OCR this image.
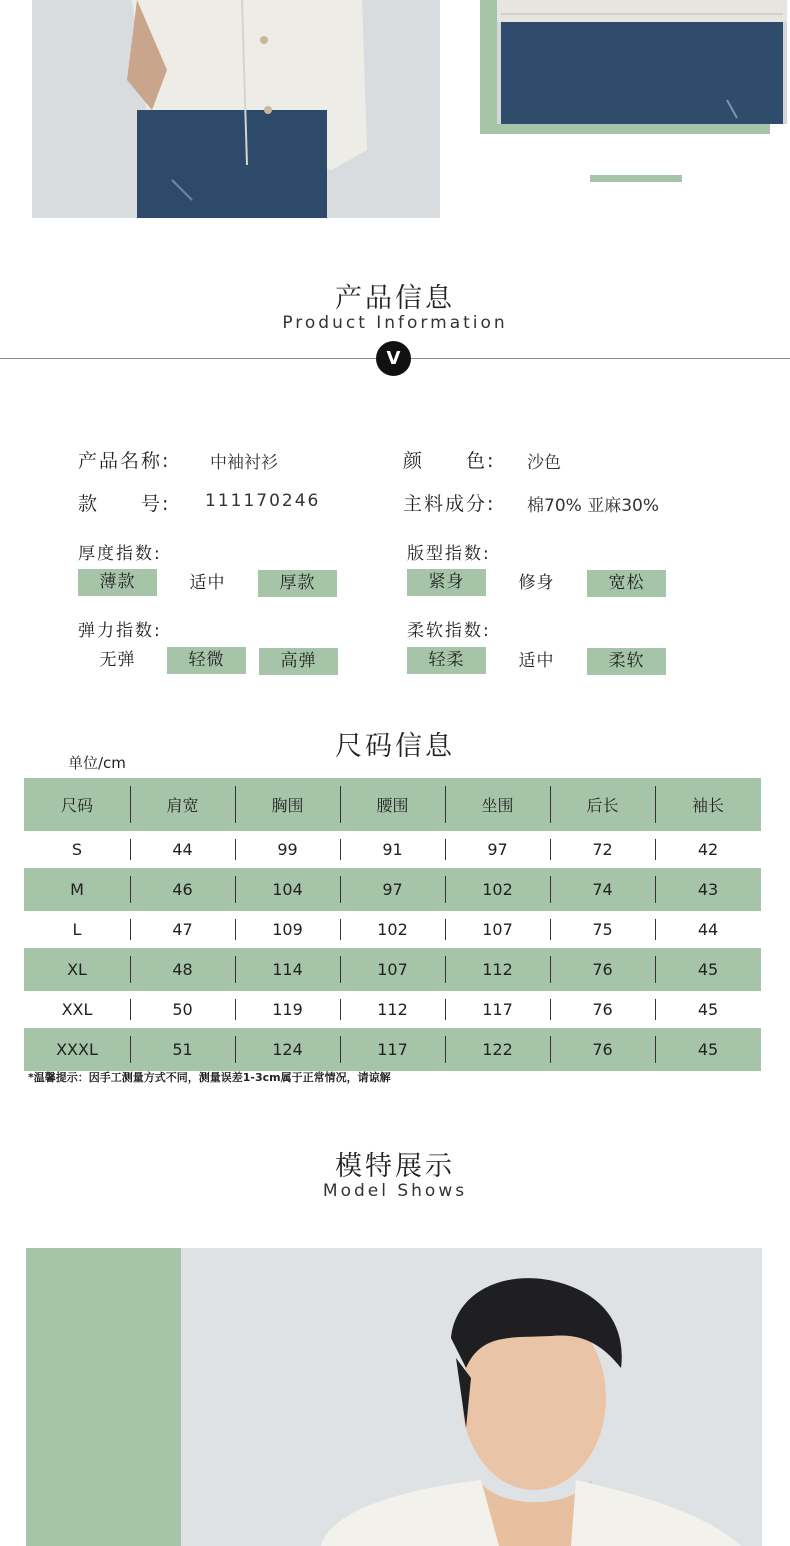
产品信息
Product Information
V
产品名称: 中袖衬衫	颜　　色: 沙色
款　　号: 111170246	主料成分: 棉70% 亚麻30%
厚度指数:
薄款	适中	厚款
版型指数:
紧身	修身	宽松
弹力指数:
无弹	轻微	高弹
柔软指数:
轻柔	适中	柔软
尺码信息
单位/cm
尺码	肩宽	胸围	腰围	坐围	后长	袖长
S	44	99	91	97	72	42
M	46	104	97	102	74	43
L	47	109	102	107	75	44
XL	48	114	107	112	76	45
XXL	50	119	112	117	76	45
XXXL	51	124	117	122	76	45
*温馨提示：因手工测量方式不同，测量误差1-3cm属于正常情况，请谅解
模特展示
Model Shows
